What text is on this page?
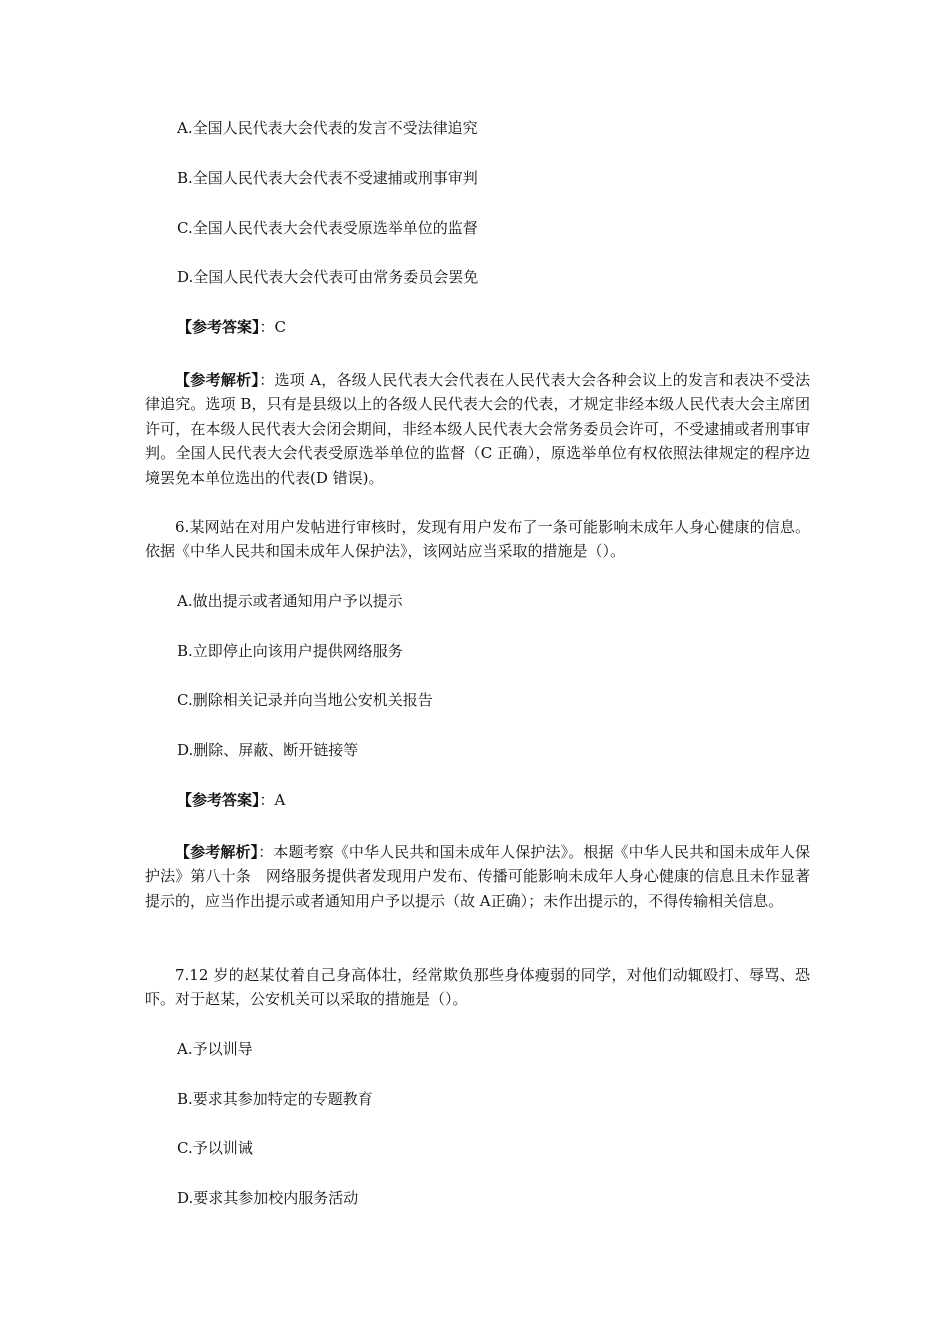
A.全国人民代表大会代表的发言不受法律追究
B.全国人民代表大会代表不受逮捕或刑事审判
C.全国人民代表大会代表受原选举单位的监督
D.全国人民代表大会代表可由常务委员会罢免
【参考答案】：C
【参考解析】：选项 A，各级人民代表大会代表在人民代表大会各种会议上的发言和表决不受法律追究。选项 B，只有是县级以上的各级人民代表大会的代表，才规定非经本级人民代表大会主席团许可，在本级人民代表大会闭会期间，非经本级人民代表大会常务委员会许可，不受逮捕或者刑事审判。全国人民代表大会代表受原选举单位的监督（C 正确），原选举单位有权依照法律规定的程序边境罢免本单位选出的代表(D 错误)。
6.某网站在对用户发帖进行审核时，发现有用户发布了一条可能影响未成年人身心健康的信息。依据《中华人民共和国未成年人保护法》，该网站应当采取的措施是（）。
A.做出提示或者通知用户予以提示
B.立即停止向该用户提供网络服务
C.删除相关记录并向当地公安机关报告
D.删除、屏蔽、断开链接等
【参考答案】：A
【参考解析】：本题考察《中华人民共和国未成年人保护法》。根据《中华人民共和国未成年人保护法》第八十条　网络服务提供者发现用户发布、传播可能影响未成年人身心健康的信息且未作显著提示的，应当作出提示或者通知用户予以提示（故 A正确）；未作出提示的，不得传输相关信息。
7.12 岁的赵某仗着自己身高体壮，经常欺负那些身体瘦弱的同学，对他们动辄殴打、辱骂、恐吓。对于赵某，公安机关可以采取的措施是（）。
A.予以训导
B.要求其参加特定的专题教育
C.予以训诫
D.要求其参加校内服务活动
